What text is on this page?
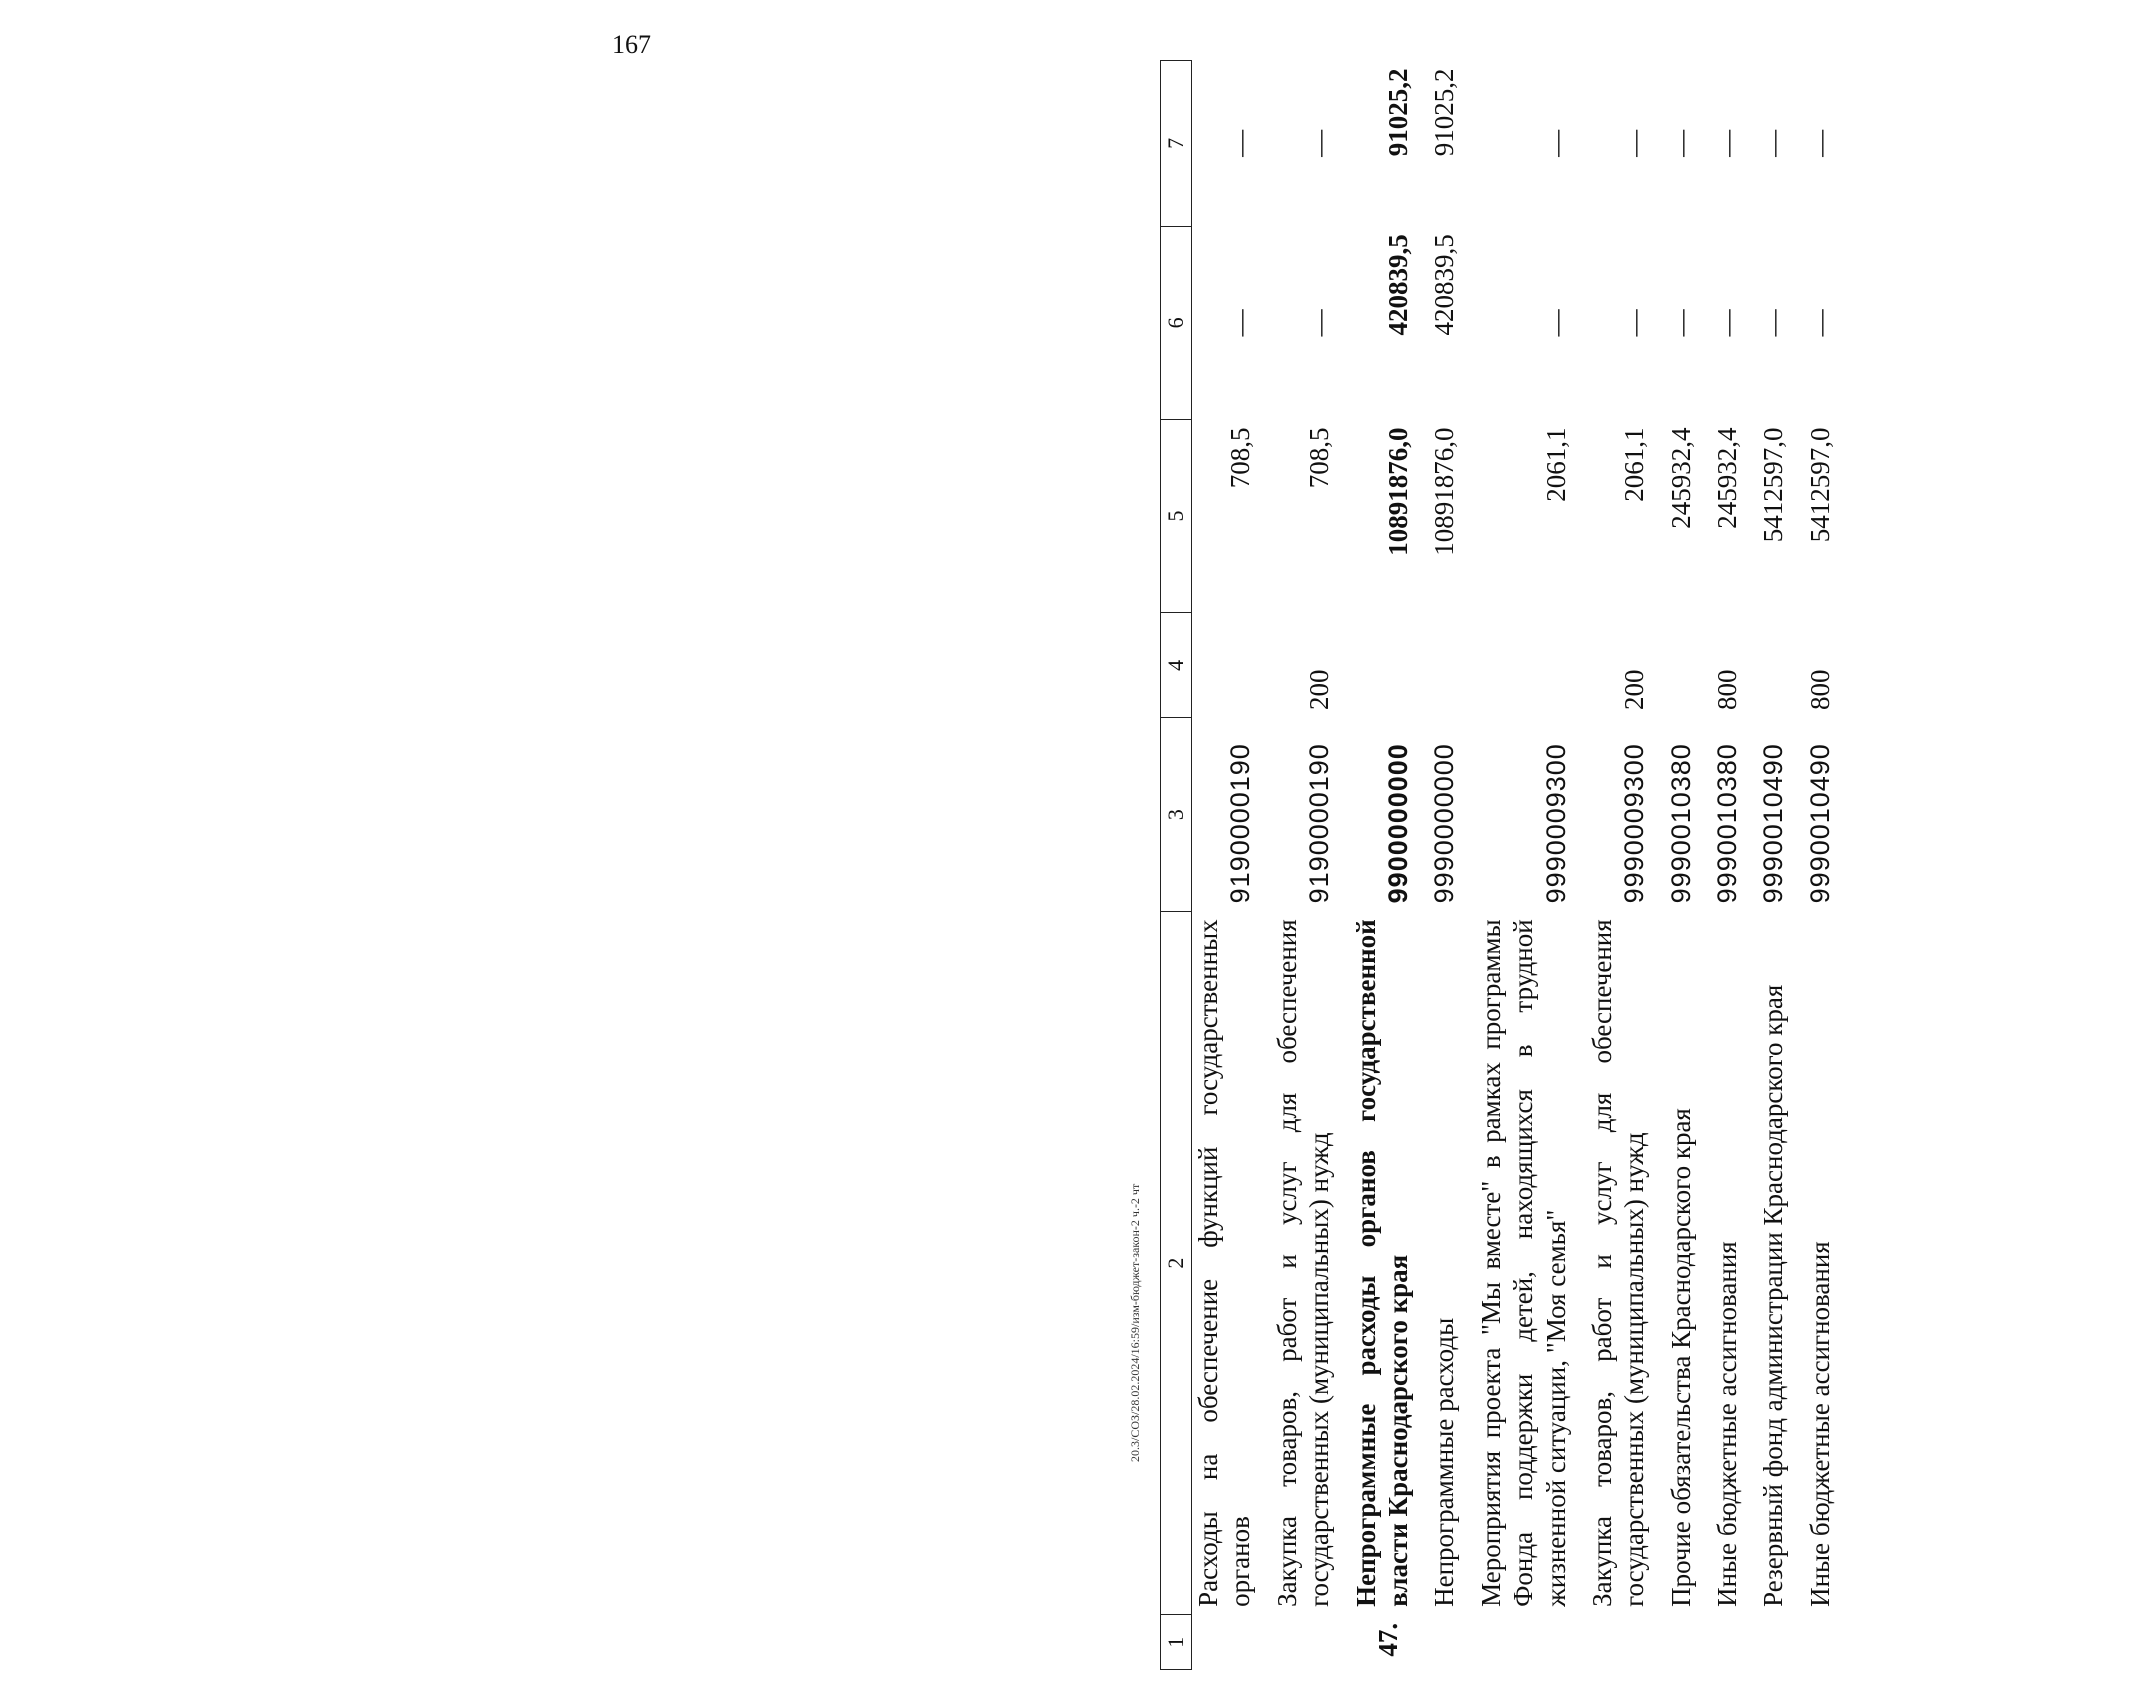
167
20.3/СОЗ/28.02.2024/16:59/изм-бюджет-закон-2 ч.-2 чт
1	2	3	4	5	6	7
	Расходы на обеспечение функций государственных органов	9190000190		708,5	—	—
	Закупка товаров, работ и услуг для обеспечения государственных (муниципальных) нужд	9190000190	200	708,5	—	—
47.	Непрограммные расходы органов государственной власти Краснодарского края	9900000000		10891876,0	420839,5	91025,2
	Непрограммные расходы	9990000000		10891876,0	420839,5	91025,2
	Мероприятия проекта "Мы вместе" в рамках программы Фонда поддержки детей, находящихся в трудной жизненной ситуации, "Моя семья"	9990009300		2061,1	—	—
	Закупка товаров, работ и услуг для обеспечения государственных (муниципальных) нужд	9990009300	200	2061,1	—	—
	Прочие обязательства Краснодарского края	9990010380		245932,4	—	—
	Иные бюджетные ассигнования	9990010380	800	245932,4	—	—
	Резервный фонд администрации Краснодарского края	9990010490		5412597,0	—	—
	Иные бюджетные ассигнования	9990010490	800	5412597,0	—	—
